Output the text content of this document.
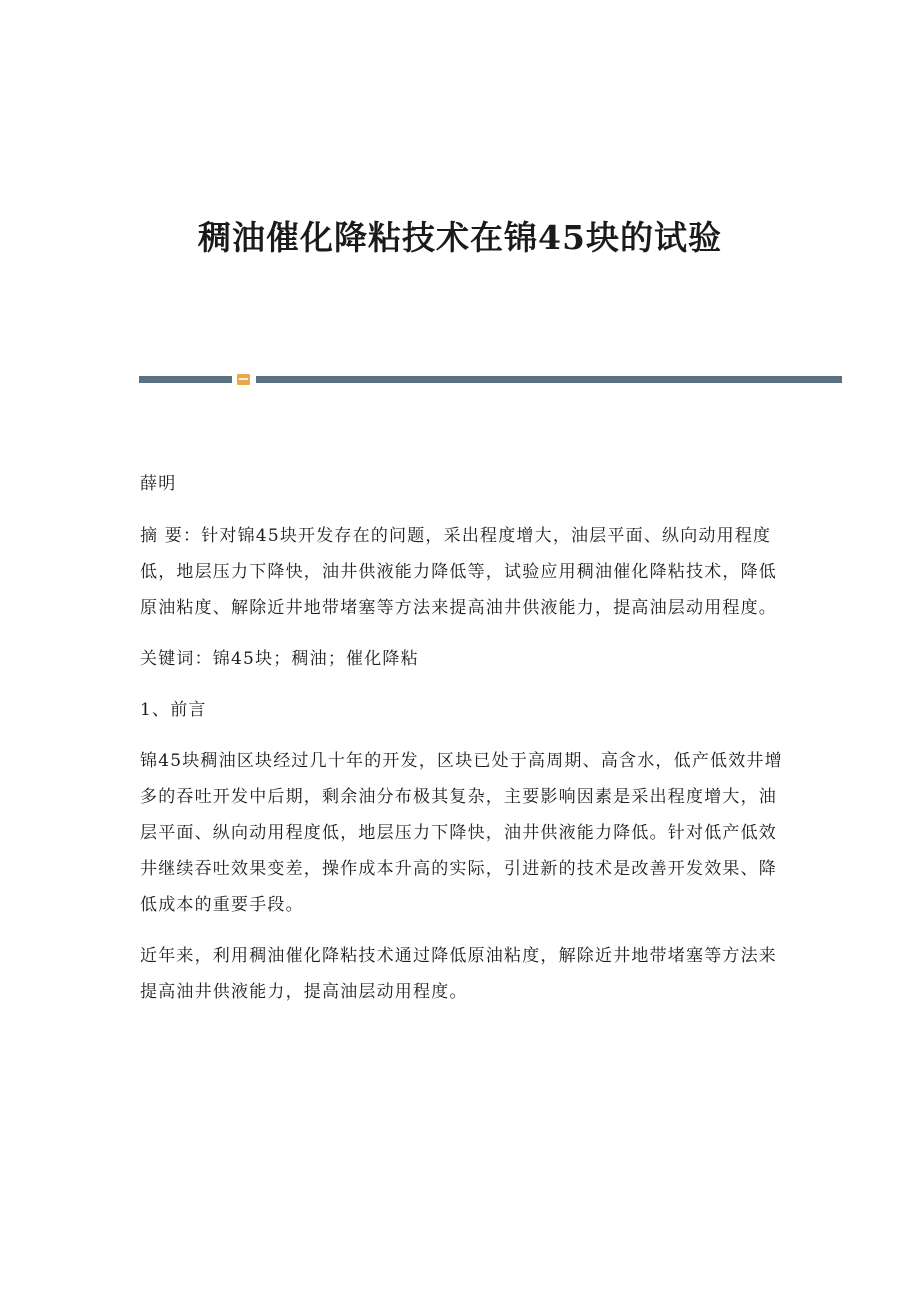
稠油催化降粘技术在锦45块的试验

薛明

摘 要：针对锦45块开发存在的问题，采出程度增大，油层平面、纵向动用程度低，地层压力下降快，油井供液能力降低等，试验应用稠油催化降粘技术，降低原油粘度、解除近井地带堵塞等方法来提高油井供液能力，提高油层动用程度。

关键词：锦45块；稠油；催化降粘

1、前言

锦45块稠油区块经过几十年的开发，区块已处于高周期、高含水，低产低效井增多的吞吐开发中后期，剩余油分布极其复杂，主要影响因素是采出程度增大，油层平面、纵向动用程度低，地层压力下降快，油井供液能力降低。针对低产低效井继续吞吐效果变差，操作成本升高的实际，引进新的技术是改善开发效果、降低成本的重要手段。

近年来，利用稠油催化降粘技术通过降低原油粘度，解除近井地带堵塞等方法来提高油井供液能力，提高油层动用程度。
